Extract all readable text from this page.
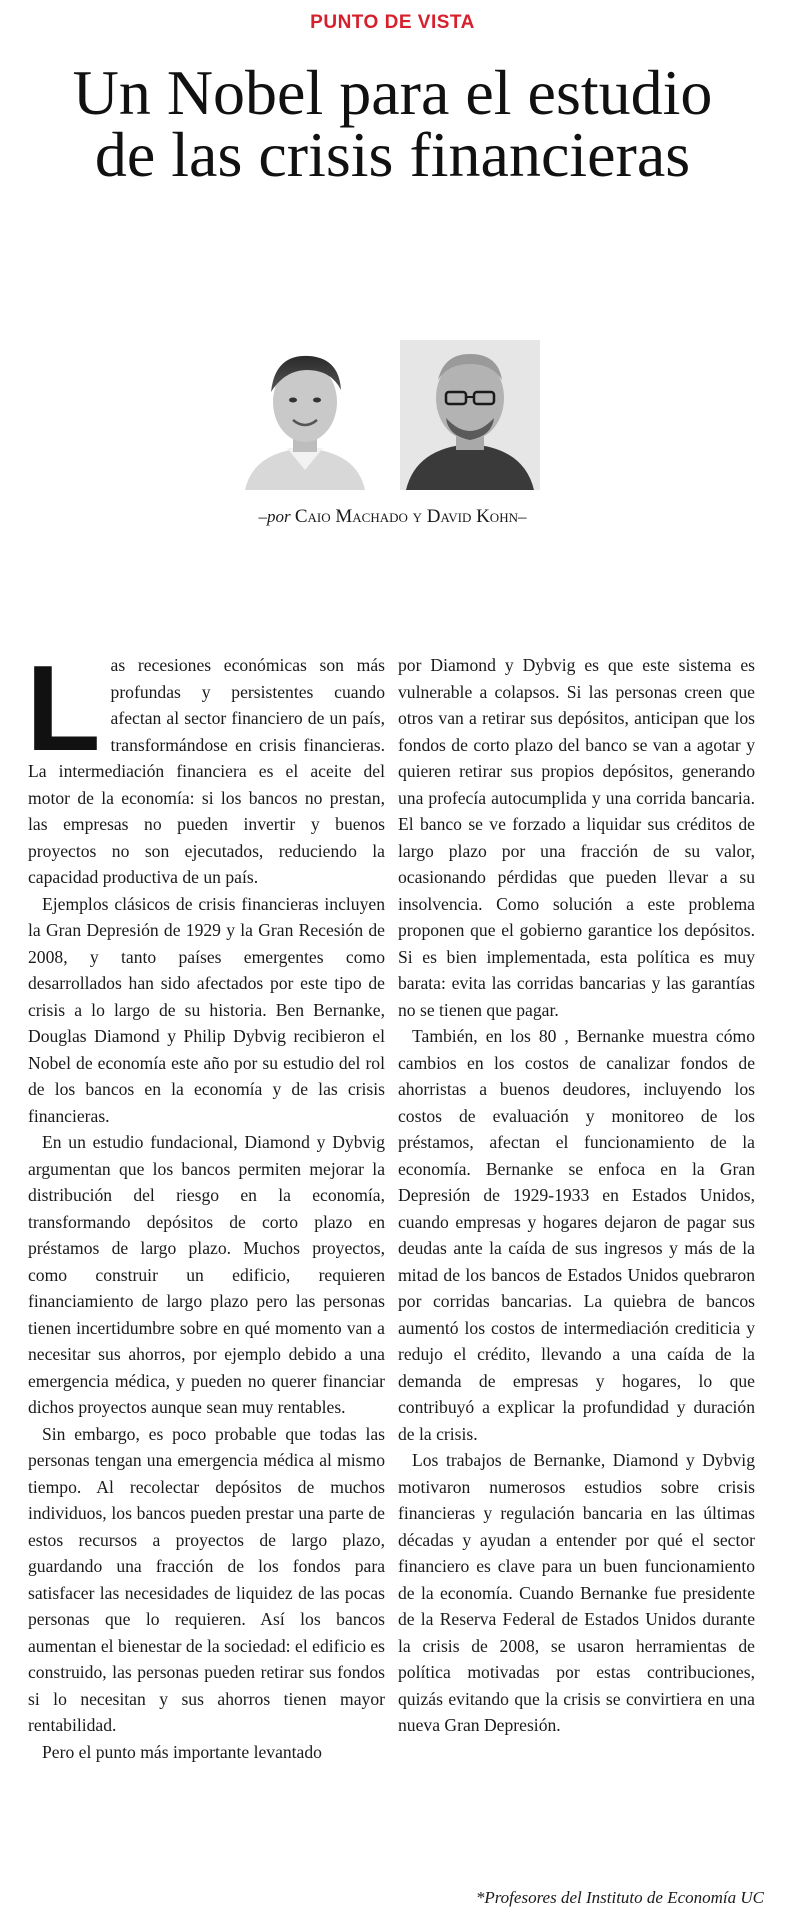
PUNTO DE VISTA
Un Nobel para el estudio de las crisis financieras
–por Caio Machado y David Kohn–

Las recesiones económicas son más profundas y persistentes cuando afectan al sector financiero de un país, transformándose en crisis financieras. La intermediación financiera es el aceite del motor de la economía: si los bancos no prestan, las empresas no pueden invertir y buenos proyectos no son ejecutados, reduciendo la capacidad productiva de un país.

Ejemplos clásicos de crisis financieras incluyen la Gran Depresión de 1929 y la Gran Recesión de 2008, y tanto países emergentes como desarrollados han sido afectados por este tipo de crisis a lo largo de su historia. Ben Bernanke, Douglas Diamond y Philip Dybvig recibieron el Nobel de economía este año por su estudio del rol de los bancos en la economía y de las crisis financieras.

En un estudio fundacional, Diamond y Dybvig argumentan que los bancos permiten mejorar la distribución del riesgo en la economía, transformando depósitos de corto plazo en préstamos de largo plazo. Muchos proyectos, como construir un edificio, requieren financiamiento de largo plazo pero las personas tienen incertidumbre sobre en qué momento van a necesitar sus ahorros, por ejemplo debido a una emergencia médica, y pueden no querer financiar dichos proyectos aunque sean muy rentables.

Sin embargo, es poco probable que todas las personas tengan una emergencia médica al mismo tiempo. Al recolectar depósitos de muchos individuos, los bancos pueden prestar una parte de estos recursos a proyectos de largo plazo, guardando una fracción de los fondos para satisfacer las necesidades de liquidez de las pocas personas que lo requieren. Así los bancos aumentan el bienestar de la sociedad: el edificio es construido, las personas pueden retirar sus fondos si lo necesitan y sus ahorros tienen mayor rentabilidad.

Pero el punto más importante levantado

por Diamond y Dybvig es que este sistema es vulnerable a colapsos. Si las personas creen que otros van a retirar sus depósitos, anticipan que los fondos de corto plazo del banco se van a agotar y quieren retirar sus propios depósitos, generando una profecía autocumplida y una corrida bancaria. El banco se ve forzado a liquidar sus créditos de largo plazo por una fracción de su valor, ocasionando pérdidas que pueden llevar a su insolvencia. Como solución a este problema proponen que el gobierno garantice los depósitos. Si es bien implementada, esta política es muy barata: evita las corridas bancarias y las garantías no se tienen que pagar.

También, en los 80 , Bernanke muestra cómo cambios en los costos de canalizar fondos de ahorristas a buenos deudores, incluyendo los costos de evaluación y monitoreo de los préstamos, afectan el funcionamiento de la economía. Bernanke se enfoca en la Gran Depresión de 1929-1933 en Estados Unidos, cuando empresas y hogares dejaron de pagar sus deudas ante la caída de sus ingresos y más de la mitad de los bancos de Estados Unidos quebraron por corridas bancarias. La quiebra de bancos aumentó los costos de intermediación crediticia y redujo el crédito, llevando a una caída de la demanda de empresas y hogares, lo que contribuyó a explicar la profundidad y duración de la crisis.

Los trabajos de Bernanke, Diamond y Dybvig motivaron numerosos estudios sobre crisis financieras y regulación bancaria en las últimas décadas y ayudan a entender por qué el sector financiero es clave para un buen funcionamiento de la economía. Cuando Bernanke fue presidente de la Reserva Federal de Estados Unidos durante la crisis de 2008, se usaron herramientas de política motivadas por estas contribuciones, quizás evitando que la crisis se convirtiera en una nueva Gran Depresión.

*Profesores del Instituto de Economía UC
